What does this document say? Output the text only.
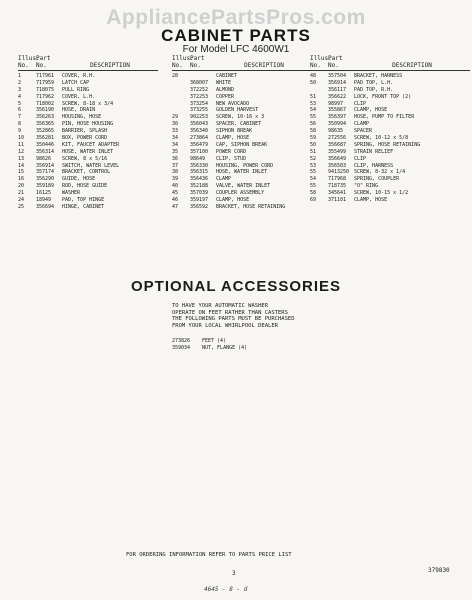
AppliancePartsPros.com
CABINET PARTS
For Model LFC 4600W1
Illus. No.
Part No.	DESCRIPTION
1	717961	COVER, R.H.
2	717959	LATCH CAP
3	718075	PULL RING
4	717962	COVER, L.H.
5	718002	SCREW, 8-18 x 3/4
6	356190	HOSE, DRAIN
7	356263	HOUSING, HOSE
8	356365	PIN, HOSE HOUSING
9	352865	BARRIER, SPLASH
10	356281	BOX, POWER CORD
11	350446	KIT, FAUCET ADAPTER
12	356314	HOSE, WATER INLET
13	98626	SCREW, 8 x 5/16
14	356914	SWITCH, WATER LEVEL
15	357174	BRACKET, CONTROL
16	356290	GUIDE, HOSE
20	359189	ROD, HOSE GUIDE
21	16125	WASHER
24	18949	PAD, TOP HINGE
25	356694	HINGE, CABINET
Illus. No.
Part No.	DESCRIPTION
28	CABINET
368007	WHITE
372252	ALMOND
372253	COPPER
373254	NEW AVOCADO
373255	GOLDEN HARVEST
29	902253	SCREW, 10-16 x 3
30	356043	SPACER, CABINET
33	356340	SIPHON BREAK
34	273864	CLAMP, HOSE
34	356479	CAP, SIPHON BREAK
35	357100	POWER CORD
36	98649	CLIP, STUD
37	356330	HOUSING, POWER CORD
38	356315	HOSE, WATER INLET
39	356436	CLAMP
40	352188	VALVE, WATER INLET
45	357039	COUPLER ASSEMBLY
46	359197	CLAMP, HOSE
47	356592	BRACKET, HOSE RETAINING
Illus. No.
Part No.	DESCRIPTION
48	357504	BRACKET, HARNESS
50	356914	PAD TOP, L.H.
356117	PAD TOP, R.H.
51	356622	LOCK, FRONT TOP (2)
53	98997	CLIP
54	355867	CLAMP, HOSE
55	356397	HOSE, PUMP TO FILTER
56	350994	CLAMP
58	98635	SPACER
59	272556	SCREW, 10-12 x 5/8
50	356687	SPRING, HOSE RETAINING
51	355499	STRAIN RELIEF
52	356649	CLIP
53	356503	CLIP, HARNESS
55	9413250 SCREW, 8-32 x 1/4
54	717968	SPRING, COUPLER
55	718735	"O" RING
58	345641	SCREW, 10-15 x 1/2
69	371101	CLAMP, HOSE
OPTIONAL ACCESSORIES
TO HAVE YOUR AUTOMATIC WASHER
OPERATE ON FEET RATHER THAN CASTERS
THE FOLLOWING PARTS MUST BE PURCHASED
FROM YOUR LOCAL WHIRLPOOL DEALER
273826	FEET (4)
359034	NUT, FLANGE (4)
FOR ORDERING INFORMATION REFER TO PARTS PRICE LIST
3	379830
4645 - 8 - d
